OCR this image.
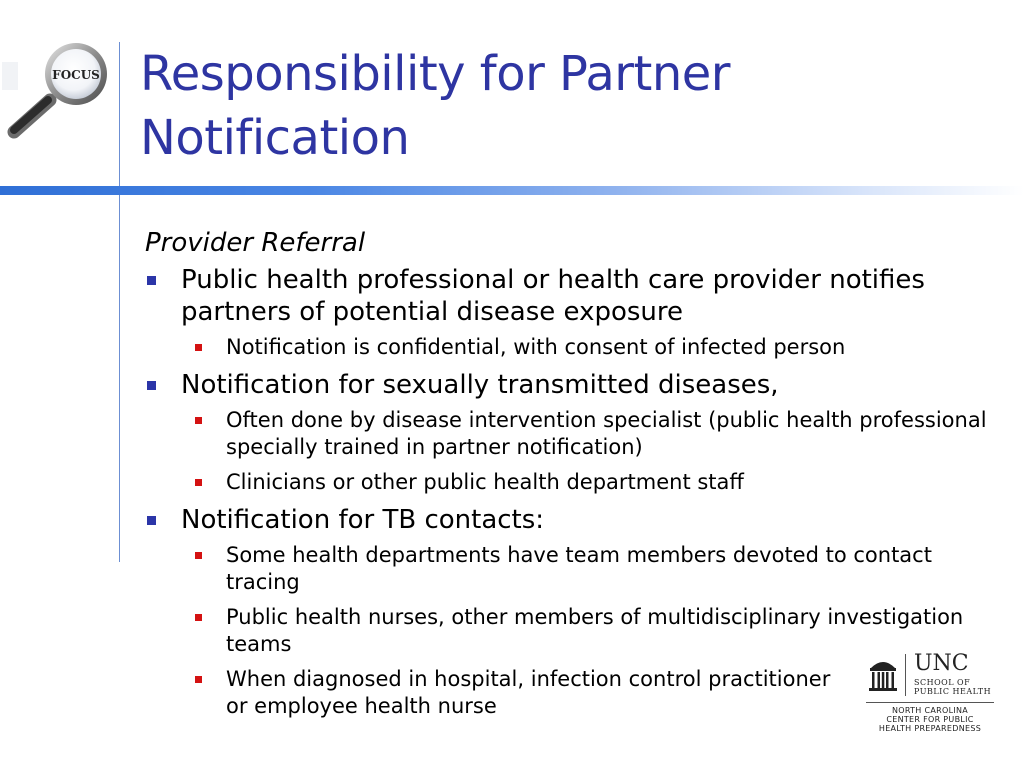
FOCUS Responsibility for Partner Notification

Provider Referral

Public health professional or health care provider notifies partners of potential disease exposure

Notification is confidential, with consent of infected person

Notification for sexually transmitted diseases,

Often done by disease intervention specialist (public health professional specially trained in partner notification)

Clinicians or other public health department staff

Notification for TB contacts:

Some health departments have team members devoted to contact tracing

Public health nurses, other members of multidisciplinary investigation teams

When diagnosed in hospital, infection control practitioner or employee health nurse

UNC
SCHOOL OF
PUBLIC HEALTH
NORTH CAROLINA
CENTER FOR PUBLIC
HEALTH PREPAREDNESS
